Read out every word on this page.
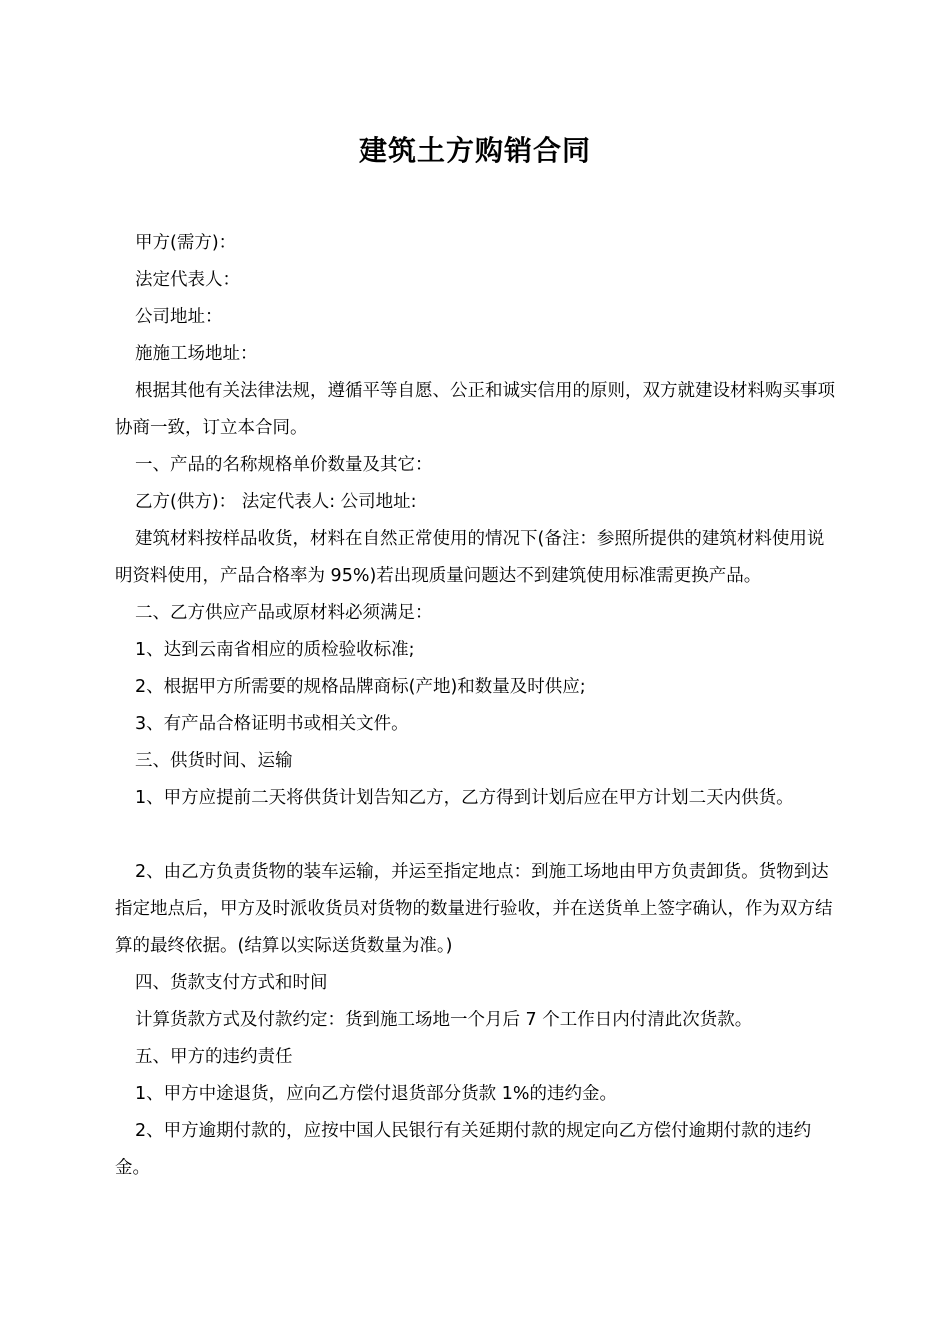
建筑土方购销合同

甲方(需方)：

法定代表人：

公司地址：

施施工场地址：

根据其他有关法律法规，遵循平等自愿、公正和诚实信用的原则，双方就建设材料购买事项协商一致，订立本合同。

一、产品的名称规格单价数量及其它：

乙方(供方)： 法定代表人: 公司地址:

建筑材料按样品收货，材料在自然正常使用的情况下(备注：参照所提供的建筑材料使用说明资料使用，产品合格率为 95%)若出现质量问题达不到建筑使用标准需更换产品。

二、乙方供应产品或原材料必须满足：

1、达到云南省相应的质检验收标准;

2、根据甲方所需要的规格品牌商标(产地)和数量及时供应;

3、有产品合格证明书或相关文件。

三、供货时间、运输

1、甲方应提前二天将供货计划告知乙方，乙方得到计划后应在甲方计划二天内供货。

2、由乙方负责货物的装车运输，并运至指定地点：到施工场地由甲方负责卸货。货物到达指定地点后，甲方及时派收货员对货物的数量进行验收，并在送货单上签字确认，作为双方结算的最终依据。(结算以实际送货数量为准。)

四、货款支付方式和时间

计算货款方式及付款约定：货到施工场地一个月后 7 个工作日内付清此次货款。

五、甲方的违约责任

1、甲方中途退货，应向乙方偿付退货部分货款 1%的违约金。

2、甲方逾期付款的，应按中国人民银行有关延期付款的规定向乙方偿付逾期付款的违约金。
